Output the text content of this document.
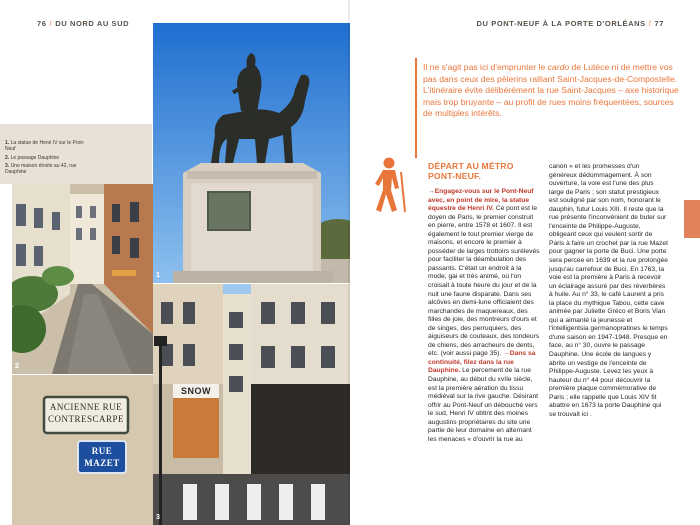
76 / DU NORD AU SUD
1. La statue de Henri IV sur le Pont-Neuf
2. Le passage Dauphine
3. Une maison étroite au 42, rue Dauphine
1
2
ANCIENNE RUE
CONTRESCARPE
RUE
MAZET
SNOW
3
DU PONT-NEUF À LA PORTE D'ORLÉANS / 77
Il ne s'agit pas ici d'emprunter le cardo de Lutèce ni de mettre vos pas dans ceux des pèlerins ralliant Saint-Jacques-de-Compostelle. L'itinéraire évite délibérément la rue Saint-Jacques – axe historique mais trop bruyante – au profit de rues moins fréquentées, sources de multiples intérêts.
DÉPART AU MÉTRO
PONT-NEUF.
→Engagez-vous sur le Pont-Neuf avec, en point de mire, la statue équestre de Henri IV. Ce pont est le doyen de Paris, le premier construit en pierre, entre 1578 et 1607. Il est également le tout premier vierge de maisons, et encore le premier à posséder de larges trottoirs surélevés pour faciliter la déambulation des passants. C'était un endroit à la mode, gai et très animé, où l'on croisait à toute heure du jour et de la nuit une faune disparate. Dans ses alcôves en demi-lune officiaient des marchandes de maquereaux, des filles de joie, des montreurs d'ours et de singes, des perruquiers, des aiguiseurs de couteaux, des tondeurs de chiens, des arracheurs de dents, etc. (voir aussi page 35). →Dans sa continuité, filez dans la rue Dauphine. Le percement de la rue Dauphine, au début du xvIIe siècle, est la première aération du tissu médiéval sur la rive gauche. Désirant offrir au Pont-Neuf un débouché vers le sud, Henri IV obtint des moines augustins propriétaires du site une partie de leur domaine en alternant les menaces « d'ouvrir la rue au
canon » et les promesses d'un généreux dédommagement. À son ouverture, la voie est l'une des plus large de Paris ; son statut prestigieux est souligné par son nom, honorant le dauphin, futur Louis XIII. Il reste que la rue présente l'inconvénient de buter sur l'enceinte de Philippe-Auguste, obligeant ceux qui veulent sortir de Paris à faire un crochet par la rue Mazet pour gagner la porte de Buci. Une porte sera percée en 1639 et la rue prolongée jusqu'au carrefour de Buci. En 1763, la voie est la première à Paris à recevoir un éclairage assuré par des réverbères à huile. Au n° 33, le café Laurent a pris la place du mythique Tabou, cette cave animée par Juliette Gréco et Boris Vian qui a aimanté la jeunesse et l'intelligentsia germanopratines le temps d'une saison en 1947-1948. Presque en face, au n° 30, ouvre le passage Dauphine. Une école de langues y abrite un vestige de l'enceinte de Philippe-Auguste. Levez les yeux à hauteur du n° 44 pour découvrir la première plaque commémorative de Paris ; elle rappelle que Louis XIV fit abattre en 1673 la porte Dauphine qui se trouvait ici .
